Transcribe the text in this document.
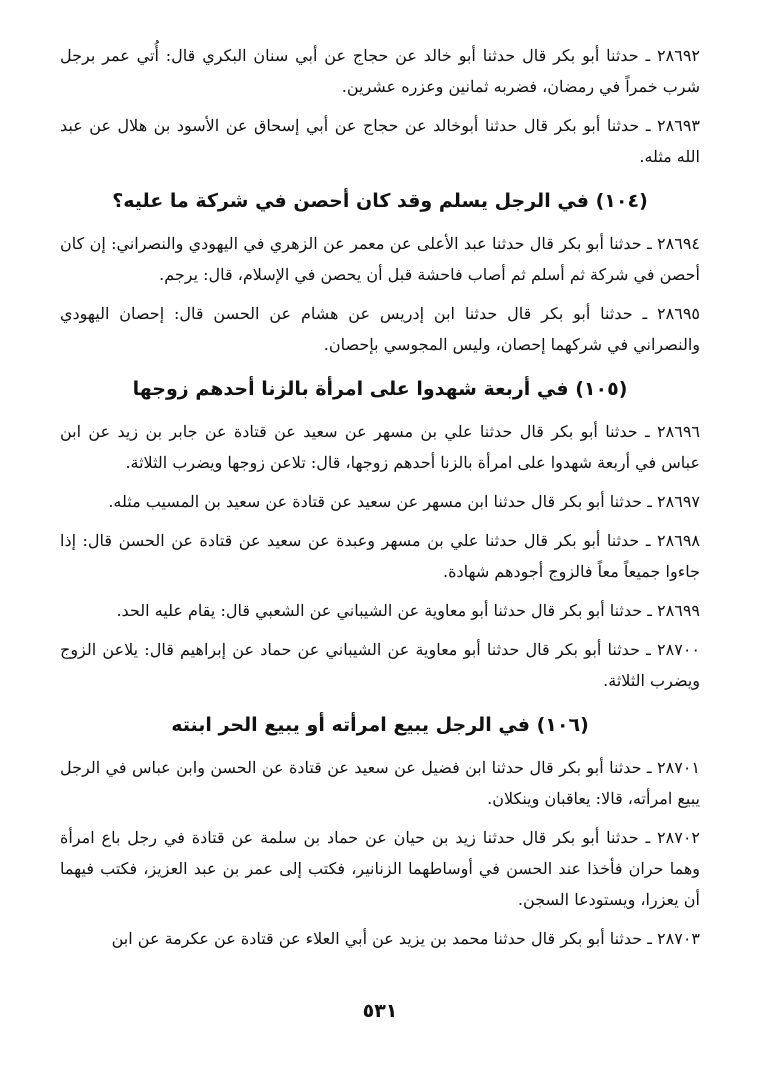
٢٨٦٩٢ ـ حدثنا أبو بكر قال حدثنا أبو خالد عن حجاج عن أبي سنان البكري قال: أُتي عمر برجل شرب خمراً في رمضان، فضربه ثمانين وعزره عشرين.

٢٨٦٩٣ ـ حدثنا أبو بكر قال حدثنا أبوخالد عن حجاج عن أبي إسحاق عن الأسود بن هلال عن عبد الله مثله.

(١٠٤) في الرجل يسلم وقد كان أحصن في شركة ما عليه؟

٢٨٦٩٤ ـ حدثنا أبو بكر قال حدثنا عبد الأعلى عن معمر عن الزهري في اليهودي والنصراني: إن كان أحصن في شركة ثم أسلم ثم أصاب فاحشة قبل أن يحصن في الإسلام، قال: يرجم.

٢٨٦٩٥ ـ حدثنا أبو بكر قال حدثنا ابن إدريس عن هشام عن الحسن قال: إحصان اليهودي والنصراني في شركهما إحصان، وليس المجوسي بإحصان.

(١٠٥) في أربعة شهدوا على امرأة بالزنا أحدهم زوجها

٢٨٦٩٦ ـ حدثنا أبو بكر قال حدثنا علي بن مسهر عن سعيد عن قتادة عن جابر بن زيد عن ابن عباس في أربعة شهدوا على امرأة بالزنا أحدهم زوجها، قال: تلاعن زوجها ويضرب الثلاثة.

٢٨٦٩٧ ـ حدثنا أبو بكر قال حدثنا ابن مسهر عن سعيد عن قتادة عن سعيد بن المسيب مثله.

٢٨٦٩٨ ـ حدثنا أبو بكر قال حدثنا علي بن مسهر وعبدة عن سعيد عن قتادة عن الحسن قال: إذا جاءوا جميعاً معاً فالزوج أجودهم شهادة.

٢٨٦٩٩ ـ حدثنا أبو بكر قال حدثنا أبو معاوية عن الشيباني عن الشعبي قال: يقام عليه الحد.

٢٨٧٠٠ ـ حدثنا أبو بكر قال حدثنا أبو معاوية عن الشيباني عن حماد عن إبراهيم قال: يلاعن الزوج ويضرب الثلاثة.

(١٠٦) في الرجل يبيع امرأته أو يبيع الحر ابنته

٢٨٧٠١ ـ حدثنا أبو بكر قال حدثنا ابن فضيل عن سعيد عن قتادة عن الحسن وابن عباس في الرجل يبيع امرأته، قالا: يعاقبان وينكلان.

٢٨٧٠٢ ـ حدثنا أبو بكر قال حدثنا زيد بن حيان عن حماد بن سلمة عن قتادة في رجل باع امرأة وهما حران فأخذا عند الحسن في أوساطهما الزنانير، فكتب إلى عمر بن عبد العزيز، فكتب فيهما أن يعزرا، ويستودعا السجن.

٢٨٧٠٣ ـ حدثنا أبو بكر قال حدثنا محمد بن يزيد عن أبي العلاء عن قتادة عن عكرمة عن ابن

٥٣١
